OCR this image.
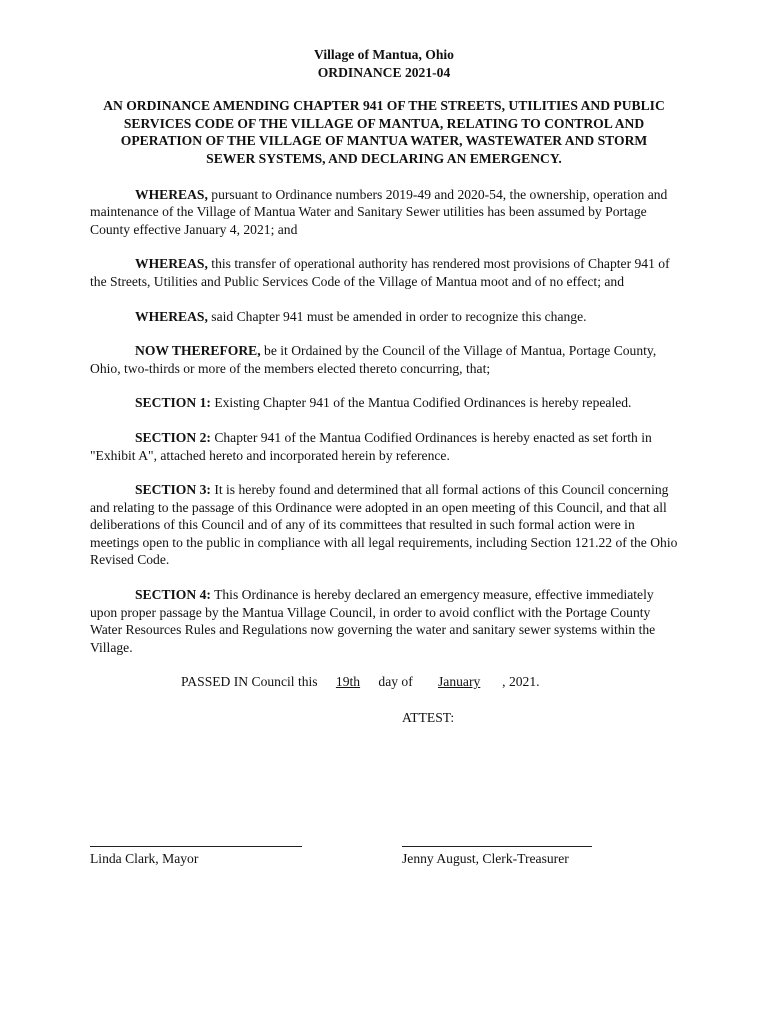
Village of Mantua, Ohio
ORDINANCE 2021-04
AN ORDINANCE AMENDING CHAPTER 941 OF THE STREETS, UTILITIES AND PUBLIC SERVICES CODE OF THE VILLAGE OF MANTUA, RELATING TO CONTROL AND OPERATION OF THE VILLAGE OF MANTUA WATER, WASTEWATER AND STORM SEWER SYSTEMS, AND DECLARING AN EMERGENCY.

WHEREAS, pursuant to Ordinance numbers 2019-49 and 2020-54, the ownership, operation and maintenance of the Village of Mantua Water and Sanitary Sewer utilities has been assumed by Portage County effective January 4, 2021; and

WHEREAS, this transfer of operational authority has rendered most provisions of Chapter 941 of the Streets, Utilities and Public Services Code of the Village of Mantua moot and of no effect; and

WHEREAS, said Chapter 941 must be amended in order to recognize this change.

NOW THEREFORE, be it Ordained by the Council of the Village of Mantua, Portage County, Ohio, two-thirds or more of the members elected thereto concurring, that;

SECTION 1: Existing Chapter 941 of the Mantua Codified Ordinances is hereby repealed.

SECTION 2: Chapter 941 of the Mantua Codified Ordinances is hereby enacted as set forth in "Exhibit A", attached hereto and incorporated herein by reference.

SECTION 3: It is hereby found and determined that all formal actions of this Council concerning and relating to the passage of this Ordinance were adopted in an open meeting of this Council, and that all deliberations of this Council and of any of its committees that resulted in such formal action were in meetings open to the public in compliance with all legal requirements, including Section 121.22 of the Ohio Revised Code.

SECTION 4: This Ordinance is hereby declared an emergency measure, effective immediately upon proper passage by the Mantua Village Council, in order to avoid conflict with the Portage County Water Resources Rules and Regulations now governing the water and sanitary sewer systems within the Village.

PASSED IN Council this 19th day of January , 2021.

ATTEST:

Linda Clark, Mayor	Jenny August, Clerk-Treasurer
